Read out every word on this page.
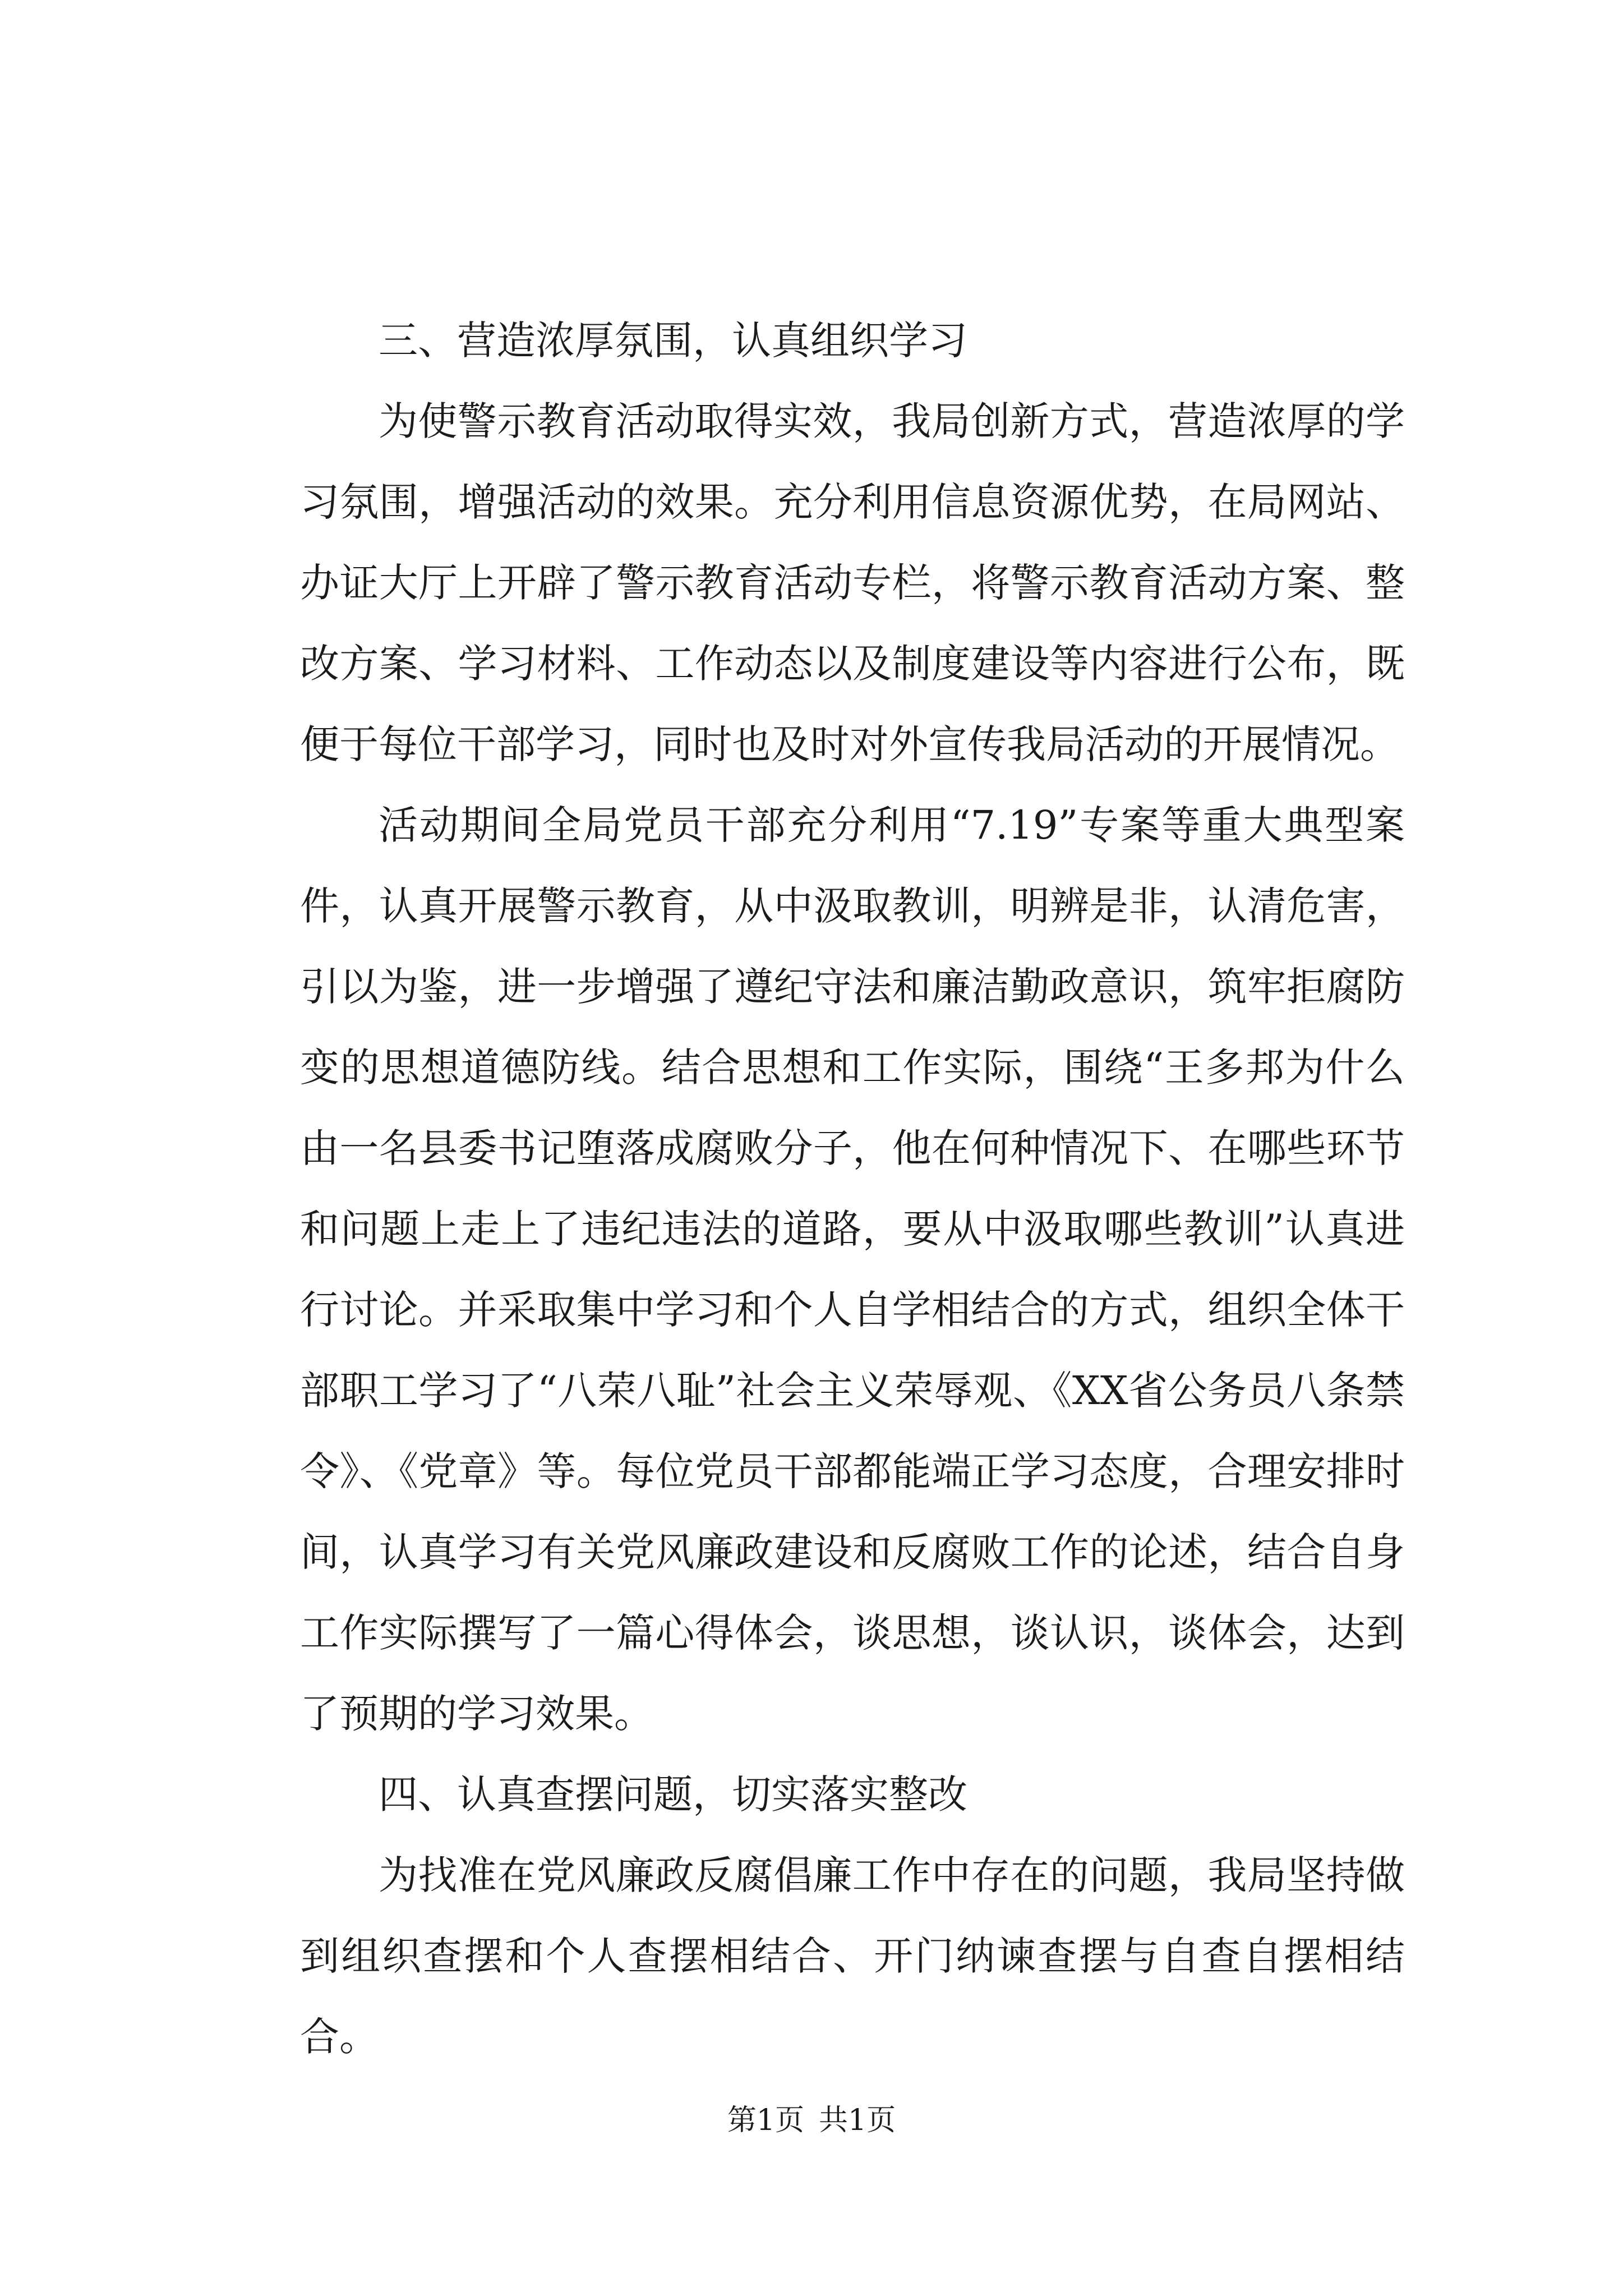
三、营造浓厚氛围，认真组织学习

为使警示教育活动取得实效，我局创新方式，营造浓厚的学习氛围，增强活动的效果。充分利用信息资源优势，在局网站、办证大厅上开辟了警示教育活动专栏，将警示教育活动方案、整改方案、学习材料、工作动态以及制度建设等内容进行公布，既便于每位干部学习，同时也及时对外宣传我局活动的开展情况。

活动期间全局党员干部充分利用“7.19”专案等重大典型案件，认真开展警示教育，从中汲取教训，明辨是非，认清危害，引以为鉴，进一步增强了遵纪守法和廉洁勤政意识，筑牢拒腐防变的思想道德防线。结合思想和工作实际，围绕“王多邦为什么由一名县委书记堕落成腐败分子，他在何种情况下、在哪些环节和问题上走上了违纪违法的道路，要从中汲取哪些教训”认真进行讨论。并采取集中学习和个人自学相结合的方式，组织全体干部职工学习了“八荣八耻”社会主义荣辱观、《XX省公务员八条禁令》、《党章》等。每位党员干部都能端正学习态度，合理安排时间，认真学习有关党风廉政建设和反腐败工作的论述，结合自身工作实际撰写了一篇心得体会，谈思想，谈认识，谈体会，达到了预期的学习效果。

四、认真查摆问题，切实落实整改

为找准在党风廉政反腐倡廉工作中存在的问题，我局坚持做到组织查摆和个人查摆相结合、开门纳谏查摆与自查自摆相结合。

第1页 共1页
